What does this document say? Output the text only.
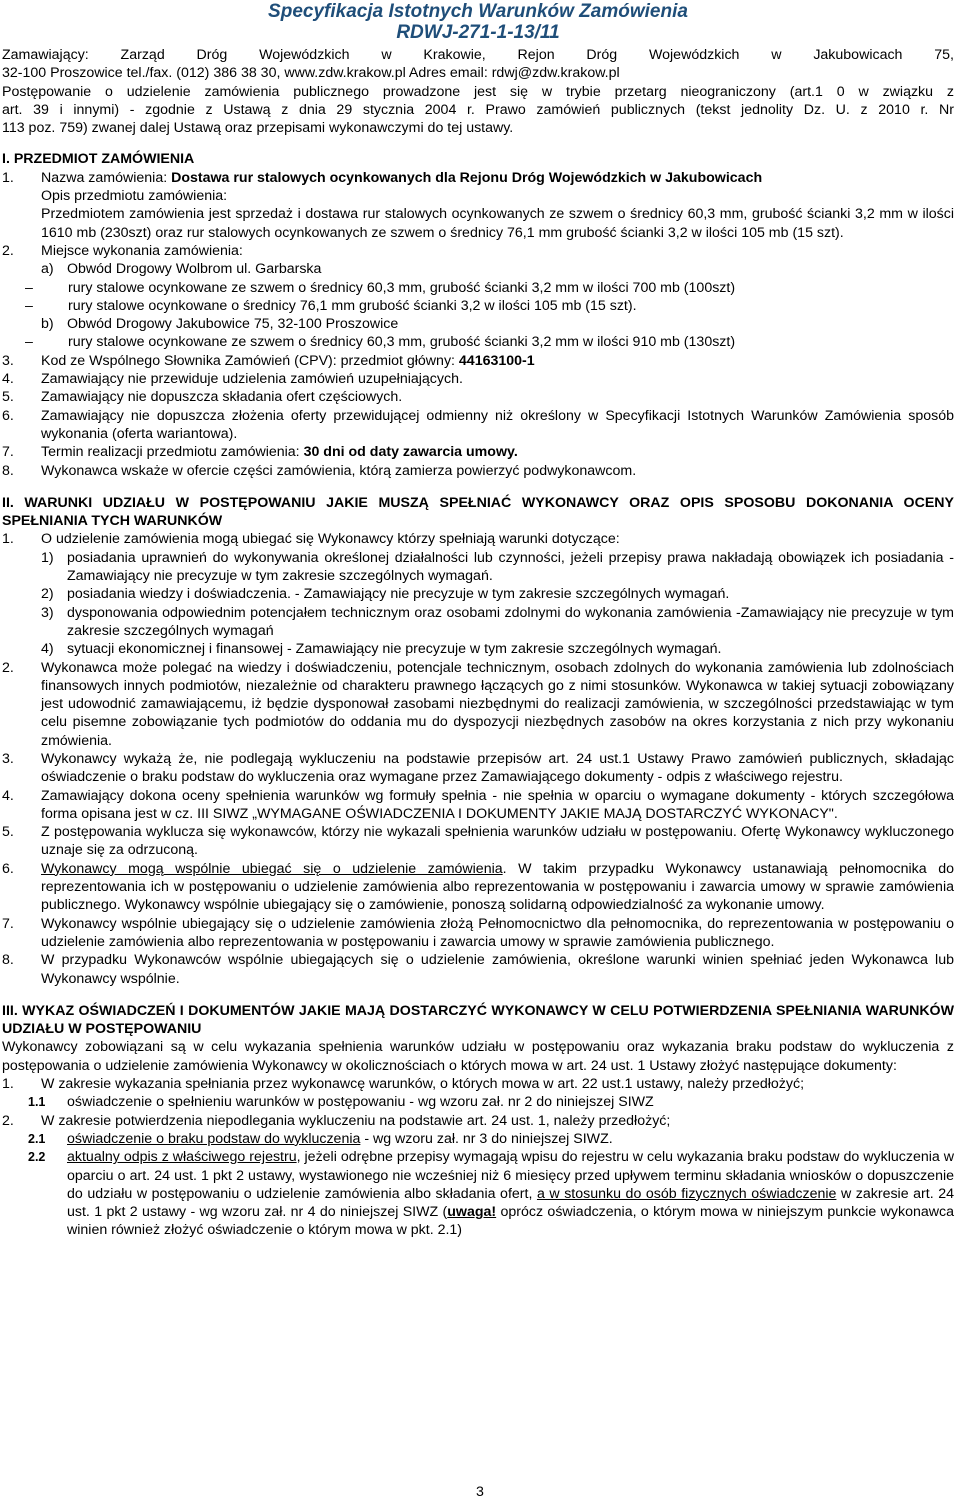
Specyfikacja Istotnych Warunków Zamówienia
RDWJ-271-1-13/11

Zamawiający: Zarząd Dróg Wojewódzkich w Krakowie, Rejon Dróg Wojewódzkich w Jakubowicach 75,

32-100 Proszowice tel./fax. (012) 386 38 30, www.zdw.krakow.pl Adres email: rdwj@zdw.krakow.pl

Postępowanie o udzielenie zamówienia publicznego prowadzone jest się w trybie przetarg nieograniczony (art.1 0 w związku z

art. 39 i innymi) - zgodnie z Ustawą z dnia 29 stycznia 2004 r. Prawo zamówień publicznych (tekst jednolity Dz. U. z 2010 r. Nr

113 poz. 759) zwanej dalej Ustawą oraz przepisami wykonawczymi do tej ustawy.

I. PRZEDMIOT ZAMÓWIENIA

1.	Nazwa zamówienia: Dostawa rur stalowych ocynkowanych dla Rejonu Dróg Wojewódzkich w Jakubowicach
Opis przedmiotu zamówienia:
Przedmiotem zamówienia jest sprzedaż i dostawa rur stalowych ocynkowanych ze szwem o średnicy 60,3 mm, grubość ścianki 3,2 mm w ilości 1610 mb (230szt) oraz rur stalowych ocynkowanych ze szwem o średnicy 76,1 mm grubość ścianki 3,2 w ilości 105 mb (15 szt).
2.	Miejsce wykonania zamówienia:
a) Obwód Drogowy Wolbrom ul. Garbarska
–	rury stalowe ocynkowane ze szwem o średnicy 60,3 mm, grubość ścianki 3,2 mm w ilości 700 mb (100szt)
–	rury stalowe ocynkowane o średnicy 76,1 mm grubość ścianki 3,2 w ilości 105 mb (15 szt).
b) Obwód Drogowy Jakubowice 75, 32-100 Proszowice
–	rury stalowe ocynkowane ze szwem o średnicy 60,3 mm, grubość ścianki 3,2 mm w ilości 910 mb (130szt)
3.	Kod ze Wspólnego Słownika Zamówień (CPV): przedmiot główny: 44163100-1
4.	Zamawiający nie przewiduje udzielenia zamówień uzupełniających.
5.	Zamawiający nie dopuszcza składania ofert częściowych.
6.	Zamawiający nie dopuszcza złożenia oferty przewidującej odmienny niż określony w Specyfikacji Istotnych Warunków Zamówienia sposób wykonania (oferta wariantowa).
7.	Termin realizacji przedmiotu zamówienia: 30 dni od daty zawarcia umowy.
8.	Wykonawca wskaże w ofercie części zamówienia, którą zamierza powierzyć podwykonawcom.

II. WARUNKI UDZIAŁU W POSTĘPOWANIU JAKIE MUSZĄ SPEŁNIAĆ WYKONAWCY ORAZ OPIS SPOSOBU DOKONANIA OCENY SPEŁNIANIA TYCH WARUNKÓW

1.	O udzielenie zamówienia mogą ubiegać się Wykonawcy którzy spełniają warunki dotyczące:
1) posiadania uprawnień do wykonywania określonej działalności lub czynności, jeżeli przepisy prawa nakładają obowiązek ich posiadania - Zamawiający nie precyzuje w tym zakresie szczególnych wymagań.
2) posiadania wiedzy i doświadczenia. - Zamawiający nie precyzuje w tym zakresie szczególnych wymagań.
3) dysponowania odpowiednim potencjałem technicznym oraz osobami zdolnymi do wykonania zamówienia -Zamawiający nie precyzuje w tym zakresie szczególnych wymagań
4) sytuacji ekonomicznej i finansowej - Zamawiający nie precyzuje w tym zakresie szczególnych wymagań.
2.	Wykonawca może polegać na wiedzy i doświadczeniu, potencjale technicznym, osobach zdolnych do wykonania zamówienia lub zdolnościach finansowych innych podmiotów, niezależnie od charakteru prawnego łączących go z nimi stosunków. Wykonawca w takiej sytuacji zobowiązany jest udowodnić zamawiającemu, iż będzie dysponował zasobami niezbędnymi do realizacji zamówienia, w szczególności przedstawiając w tym celu pisemne zobowiązanie tych podmiotów do oddania mu do dyspozycji niezbędnych zasobów na okres korzystania z nich przy wykonaniu zmówienia.
3.	Wykonawcy wykażą że, nie podlegają wykluczeniu na podstawie przepisów art. 24 ust.1 Ustawy Prawo zamówień publicznych, składając oświadczenie o braku podstaw do wykluczenia oraz wymagane przez Zamawiającego dokumenty - odpis z właściwego rejestru.
4.	Zamawiający dokona oceny spełnienia warunków wg formuły spełnia - nie spełnia w oparciu o wymagane dokumenty - których szczegółowa forma opisana jest w cz. III SIWZ „WYMAGANE OŚWIADCZENIA I DOKUMENTY JAKIE MAJĄ DOSTARCZYĆ WYKONACY".
5.	Z postępowania wyklucza się wykonawców, którzy nie wykazali spełnienia warunków udziału w postępowaniu. Ofertę Wykonawcy wykluczonego uznaje się za odrzuconą.
6.	Wykonawcy mogą wspólnie ubiegać się o udzielenie zamówienia. W takim przypadku Wykonawcy ustanawiają pełnomocnika do reprezentowania ich w postępowaniu o udzielenie zamówienia albo reprezentowania w postępowaniu i zawarcia umowy w sprawie zamówienia publicznego. Wykonawcy wspólnie ubiegający się o zamówienie, ponoszą solidarną odpowiedzialność za wykonanie umowy.
7.	Wykonawcy wspólnie ubiegający się o udzielenie zamówienia złożą Pełnomocnictwo dla pełnomocnika, do reprezentowania w postępowaniu o udzielenie zamówienia albo reprezentowania w postępowaniu i zawarcia umowy w sprawie zamówienia publicznego.
8.	W przypadku Wykonawców wspólnie ubiegających się o udzielenie zamówienia, określone warunki winien spełniać jeden Wykonawca lub Wykonawcy wspólnie.

III. WYKAZ OŚWIADCZEŃ I DOKUMENTÓW JAKIE MAJĄ DOSTARCZYĆ WYKONAWCY W CELU POTWIERDZENIA SPEŁNIANIA WARUNKÓW UDZIAŁU W POSTĘPOWANIU

Wykonawcy zobowiązani są w celu wykazania spełnienia warunków udziału w postępowaniu oraz wykazania braku podstaw do wykluczenia z postępowania o udzielenie zamówienia Wykonawcy w okolicznościach o których mowa w art. 24 ust. 1 Ustawy złożyć następujące dokumenty:

1.	W zakresie wykazania spełniania przez wykonawcę warunków, o których mowa w art. 22 ust.1 ustawy, należy przedłożyć;
1.1	oświadczenie o spełnieniu warunków w postępowaniu - wg wzoru zał. nr 2 do niniejszej SIWZ
2.	W zakresie potwierdzenia niepodlegania wykluczeniu na podstawie art. 24 ust. 1, należy przedłożyć;
2.1	oświadczenie o braku podstaw do wykluczenia - wg wzoru zał. nr 3 do niniejszej SIWZ.
2.2	aktualny odpis z właściwego rejestru, jeżeli odrębne przepisy wymagają wpisu do rejestru w celu wykazania braku podstaw do wykluczenia w oparciu o art. 24 ust. 1 pkt 2 ustawy, wystawionego nie wcześniej niż 6 miesięcy przed upływem terminu składania wniosków o dopuszczenie do udziału w postępowaniu o udzielenie zamówienia albo składania ofert, a w stosunku do osób fizycznych oświadczenie w zakresie art. 24 ust. 1 pkt 2 ustawy - wg wzoru zał. nr 4 do niniejszej SIWZ (uwaga! oprócz oświadczenia, o którym mowa w niniejszym punkcie wykonawca winien również złożyć oświadczenie o którym mowa w pkt. 2.1)
3
